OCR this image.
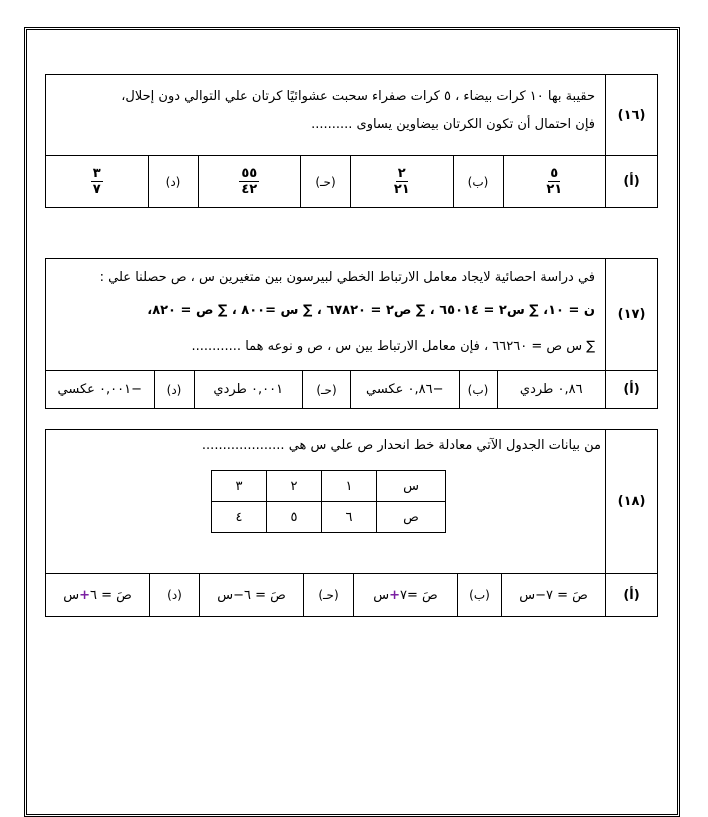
(١٦)

حقيبة بها ١٠ كرات بيضاء ، ٥ كرات صفراء سحبت عشوائيًا كرتان علي التوالي دون إحلال،

فإن احتمال أن تكون الكرتان بيضاوين يساوى ..........

(أ)
$\frac{٥}{٢١}$
(ب)
$\frac{٢}{٢١}$
(حـ)
$\frac{٥٥}{٤٢}$
(د)
$\frac{٣}{٧}$
(١٧)

في دراسة احصائية لايجاد معامل الارتباط الخطي لبيرسون بين متغيرين س ، ص حصلنا علي :

ن = ١٠، ∑ س٢ = ٦٥٠١٤ ، ∑ ص٢ = ٦٧٨٢٠ ، ∑ س =٨٠٠ ، ∑ ص = ٨٢٠،

∑ س ص = ٦٦٢٦٠ ، فإن معامل الارتباط بين س ، ص و نوعه هما ............

(أ)
٠,٨٦ طردي
(ب)
−٠,٨٦ عكسي
(حـ)
٠,٠٠١ طردي
(د)
−٠,٠٠١ عكسي
(١٨)

من بيانات الجدول الآتي معادلة خط انحدار ص علي س هي ....................

س	١	٢	٣
ص	٦	٥	٤
(أ)
صَ = ٧
−
س
(ب)
صَ =٧
+
س
(حـ)
صَ = ٦
−
س
(د)
صَ = ٦
+
س
